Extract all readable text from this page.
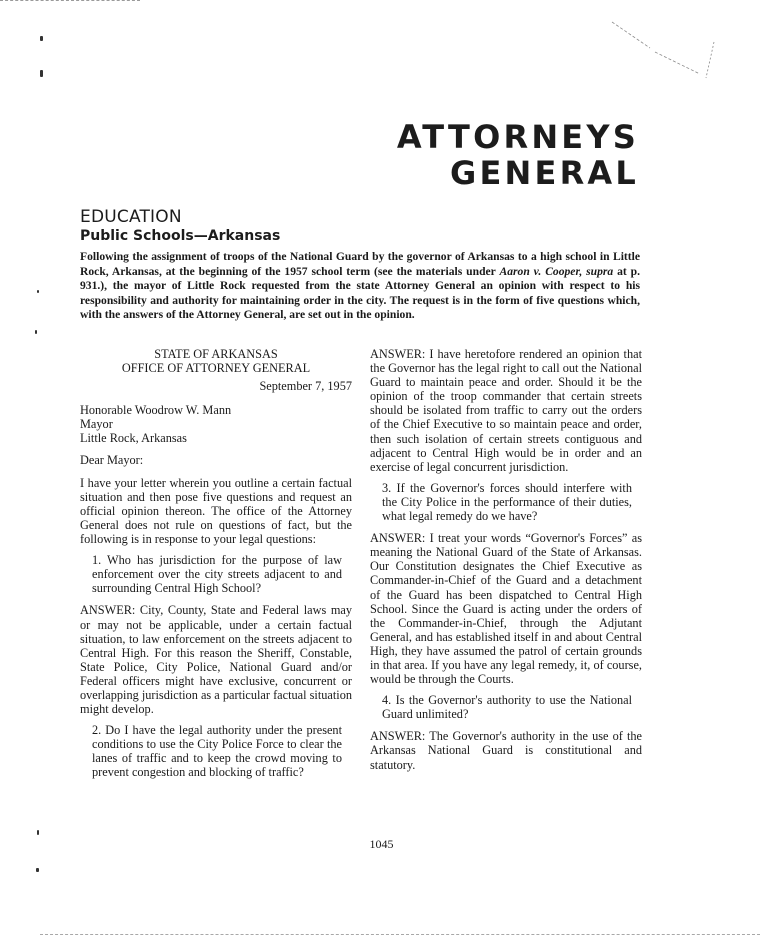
ATTORNEYS
GENERAL
EDUCATION
Public Schools—Arkansas
Following the assignment of troops of the National Guard by the governor of Arkansas to a high school in Little Rock, Arkansas, at the beginning of the 1957 school term (see the materials under Aaron v. Cooper, supra at p. 931.), the mayor of Little Rock requested from the state Attorney General an opinion with respect to his responsibility and authority for maintaining order in the city. The request is in the form of five questions which, with the answers of the Attorney General, are set out in the opinion.

STATE OF ARKANSAS

OFFICE OF ATTORNEY GENERAL

September 7, 1957

Honorable Woodrow W. Mann

Mayor

Little Rock, Arkansas

Dear Mayor:

I have your letter wherein you outline a certain factual situation and then pose five questions and request an official opinion thereon. The office of the Attorney General does not rule on questions of fact, but the following is in response to your legal questions:

1. Who has jurisdiction for the purpose of law enforcement over the city streets adjacent to and surrounding Central High School?

ANSWER: City, County, State and Federal laws may or may not be applicable, under a certain factual situation, to law enforcement on the streets adjacent to Central High. For this reason the Sheriff, Constable, State Police, City Police, National Guard and/or Federal officers might have exclusive, concurrent or overlapping jurisdiction as a particular factual situation might develop.

2. Do I have the legal authority under the present conditions to use the City Police Force to clear the lanes of traffic and to keep the crowd moving to prevent congestion and blocking of traffic?

ANSWER: I have heretofore rendered an opinion that the Governor has the legal right to call out the National Guard to maintain peace and order. Should it be the opinion of the troop commander that certain streets should be isolated from traffic to carry out the orders of the Chief Executive to so maintain peace and order, then such isolation of certain streets contiguous and adjacent to Central High would be in order and an exercise of legal concurrent jurisdiction.

3. If the Governor's forces should interfere with the City Police in the performance of their duties, what legal remedy do we have?

ANSWER: I treat your words “Governor's Forces” as meaning the National Guard of the State of Arkansas. Our Constitution designates the Chief Executive as Commander-in-Chief of the Guard and a detachment of the Guard has been dispatched to Central High School. Since the Guard is acting under the orders of the Commander-in-Chief, through the Adjutant General, and has established itself in and about Central High, they have assumed the patrol of certain grounds in that area. If you have any legal remedy, it, of course, would be through the Courts.

4. Is the Governor's authority to use the National Guard unlimited?

ANSWER: The Governor's authority in the use of the Arkansas National Guard is constitutional and statutory.

1045
